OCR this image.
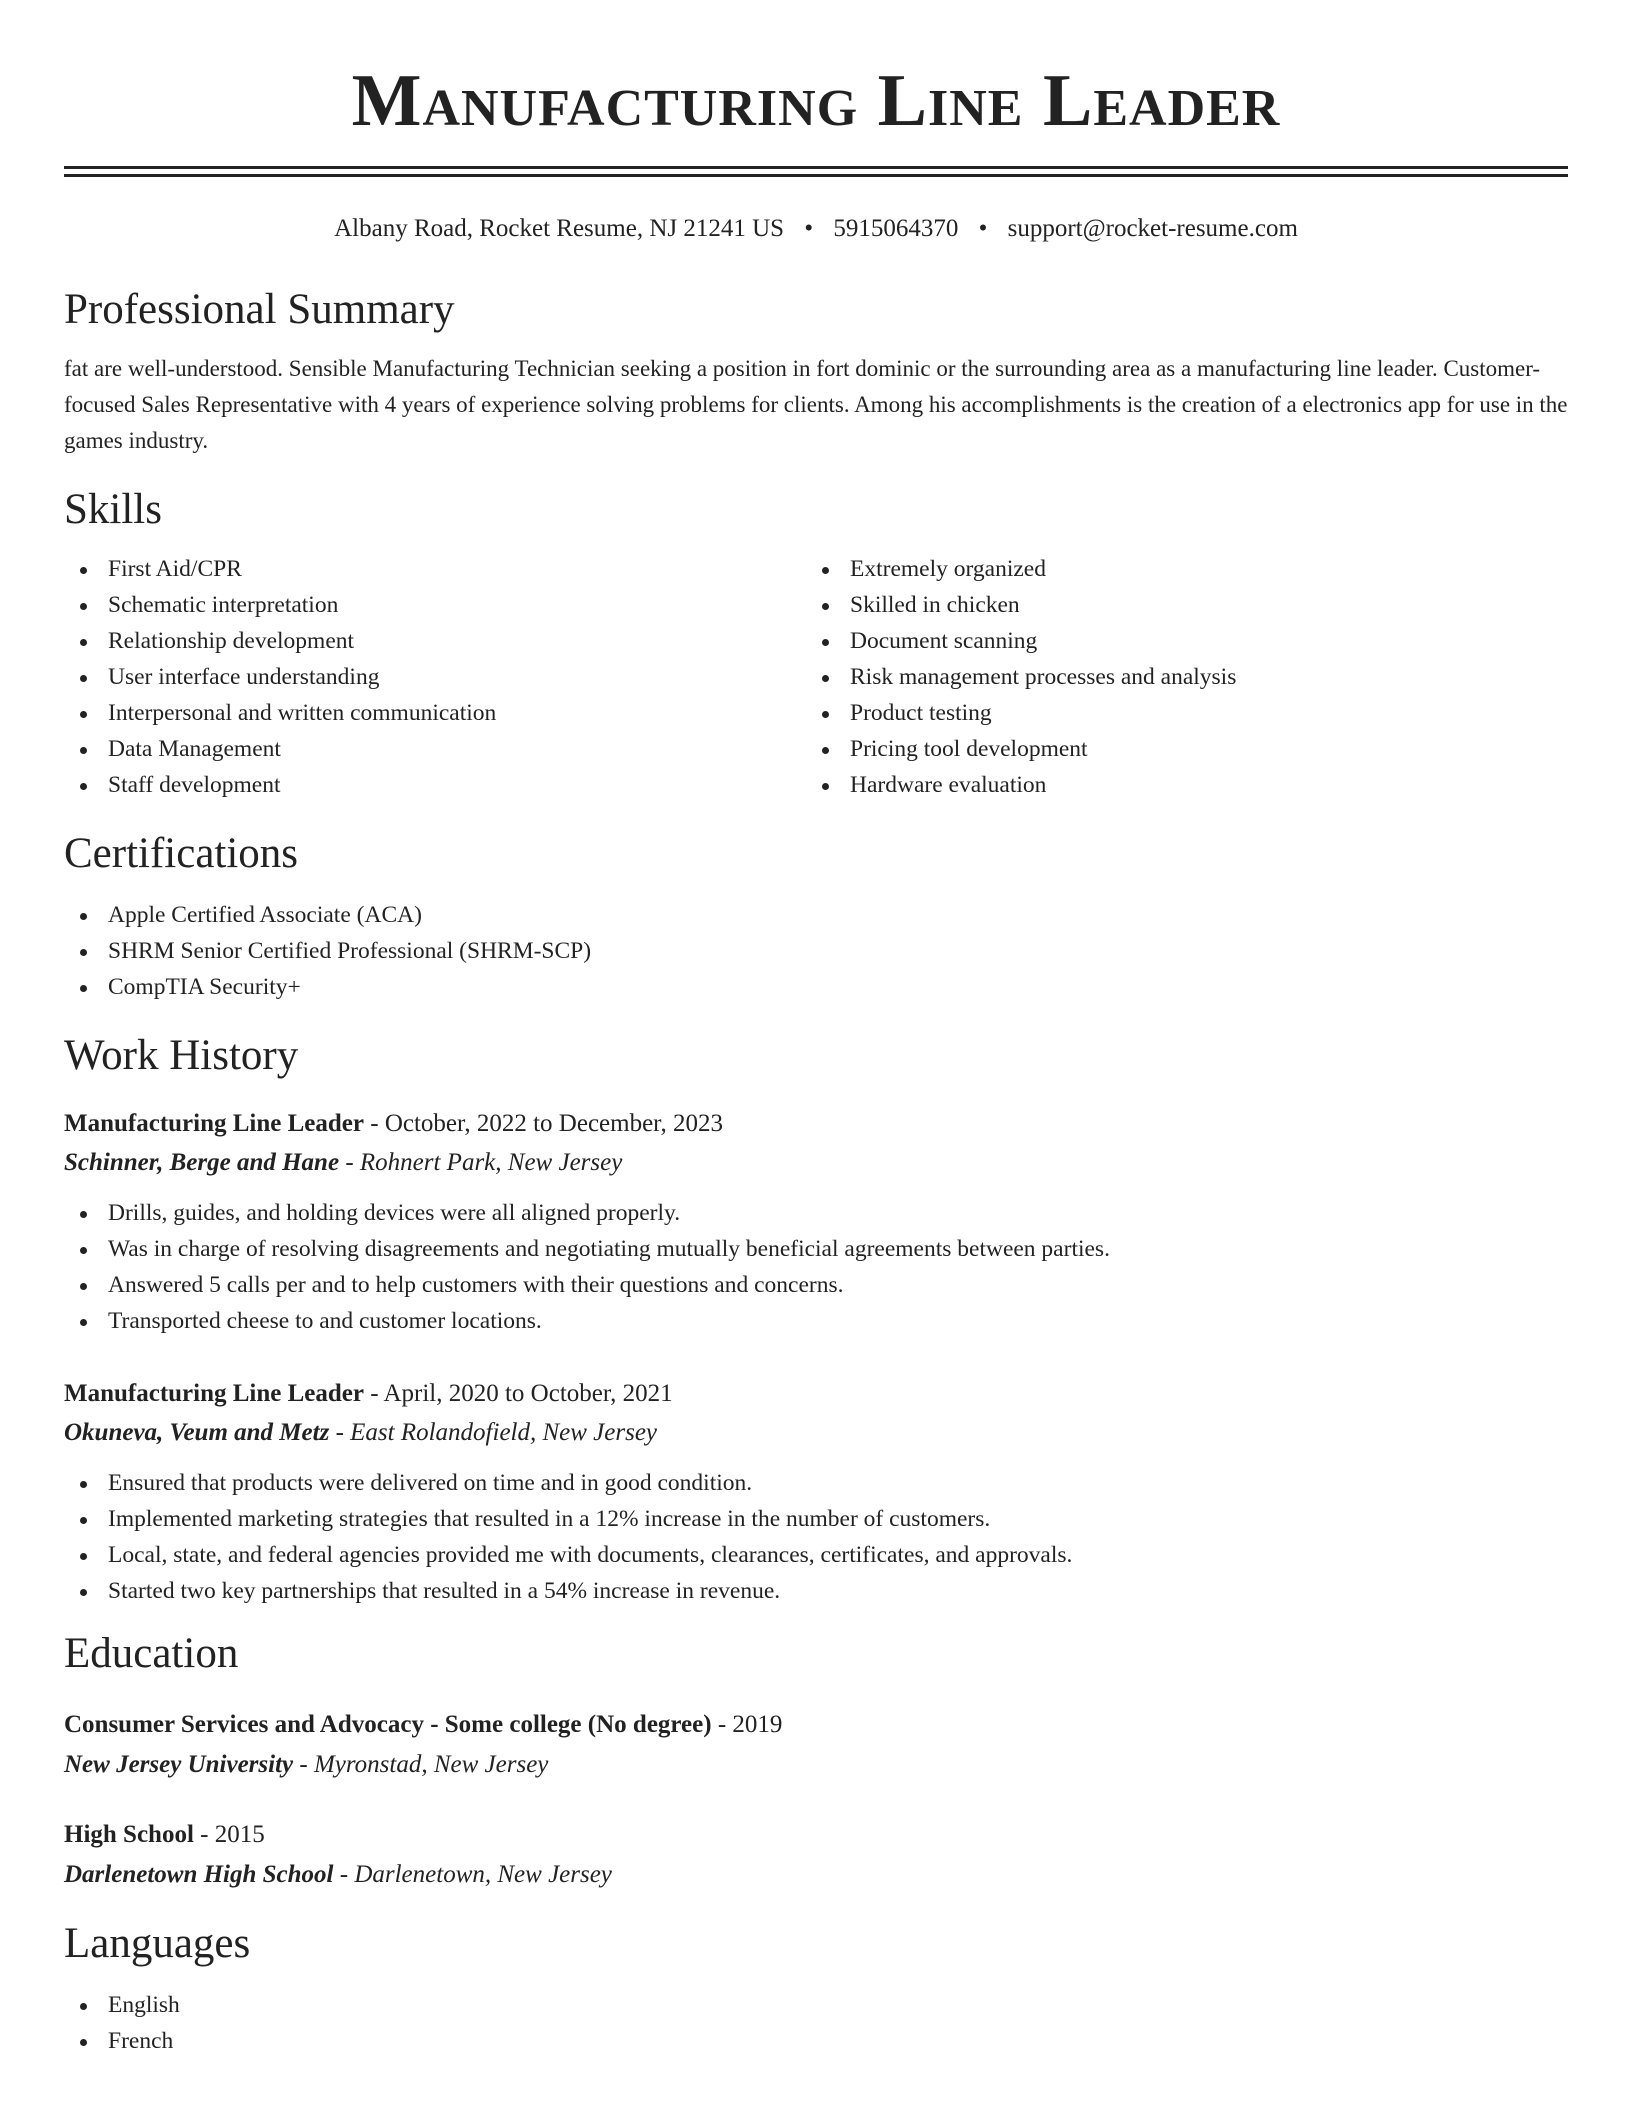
Manufacturing Line Leader
Albany Road, Rocket Resume, NJ 21241 US • 5915064370 • support@rocket-resume.com
Professional Summary
fat are well-understood. Sensible Manufacturing Technician seeking a position in fort dominic or the surrounding area as a manufacturing line leader. Customer-focused Sales Representative with 4 years of experience solving problems for clients. Among his accomplishments is the creation of a electronics app for use in the games industry.
Skills
First Aid/CPR
Schematic interpretation
Relationship development
User interface understanding
Interpersonal and written communication
Data Management
Staff development
Extremely organized
Skilled in chicken
Document scanning
Risk management processes and analysis
Product testing
Pricing tool development
Hardware evaluation
Certifications
Apple Certified Associate (ACA)
SHRM Senior Certified Professional (SHRM-SCP)
CompTIA Security+
Work History
Manufacturing Line Leader - October, 2022 to December, 2023
Schinner, Berge and Hane - Rohnert Park, New Jersey
Drills, guides, and holding devices were all aligned properly.
Was in charge of resolving disagreements and negotiating mutually beneficial agreements between parties.
Answered 5 calls per and to help customers with their questions and concerns.
Transported cheese to and customer locations.
Manufacturing Line Leader - April, 2020 to October, 2021
Okuneva, Veum and Metz - East Rolandofield, New Jersey
Ensured that products were delivered on time and in good condition.
Implemented marketing strategies that resulted in a 12% increase in the number of customers.
Local, state, and federal agencies provided me with documents, clearances, certificates, and approvals.
Started two key partnerships that resulted in a 54% increase in revenue.
Education
Consumer Services and Advocacy - Some college (No degree) - 2019
New Jersey University - Myronstad, New Jersey
High School - 2015
Darlenetown High School - Darlenetown, New Jersey
Languages
English
French
